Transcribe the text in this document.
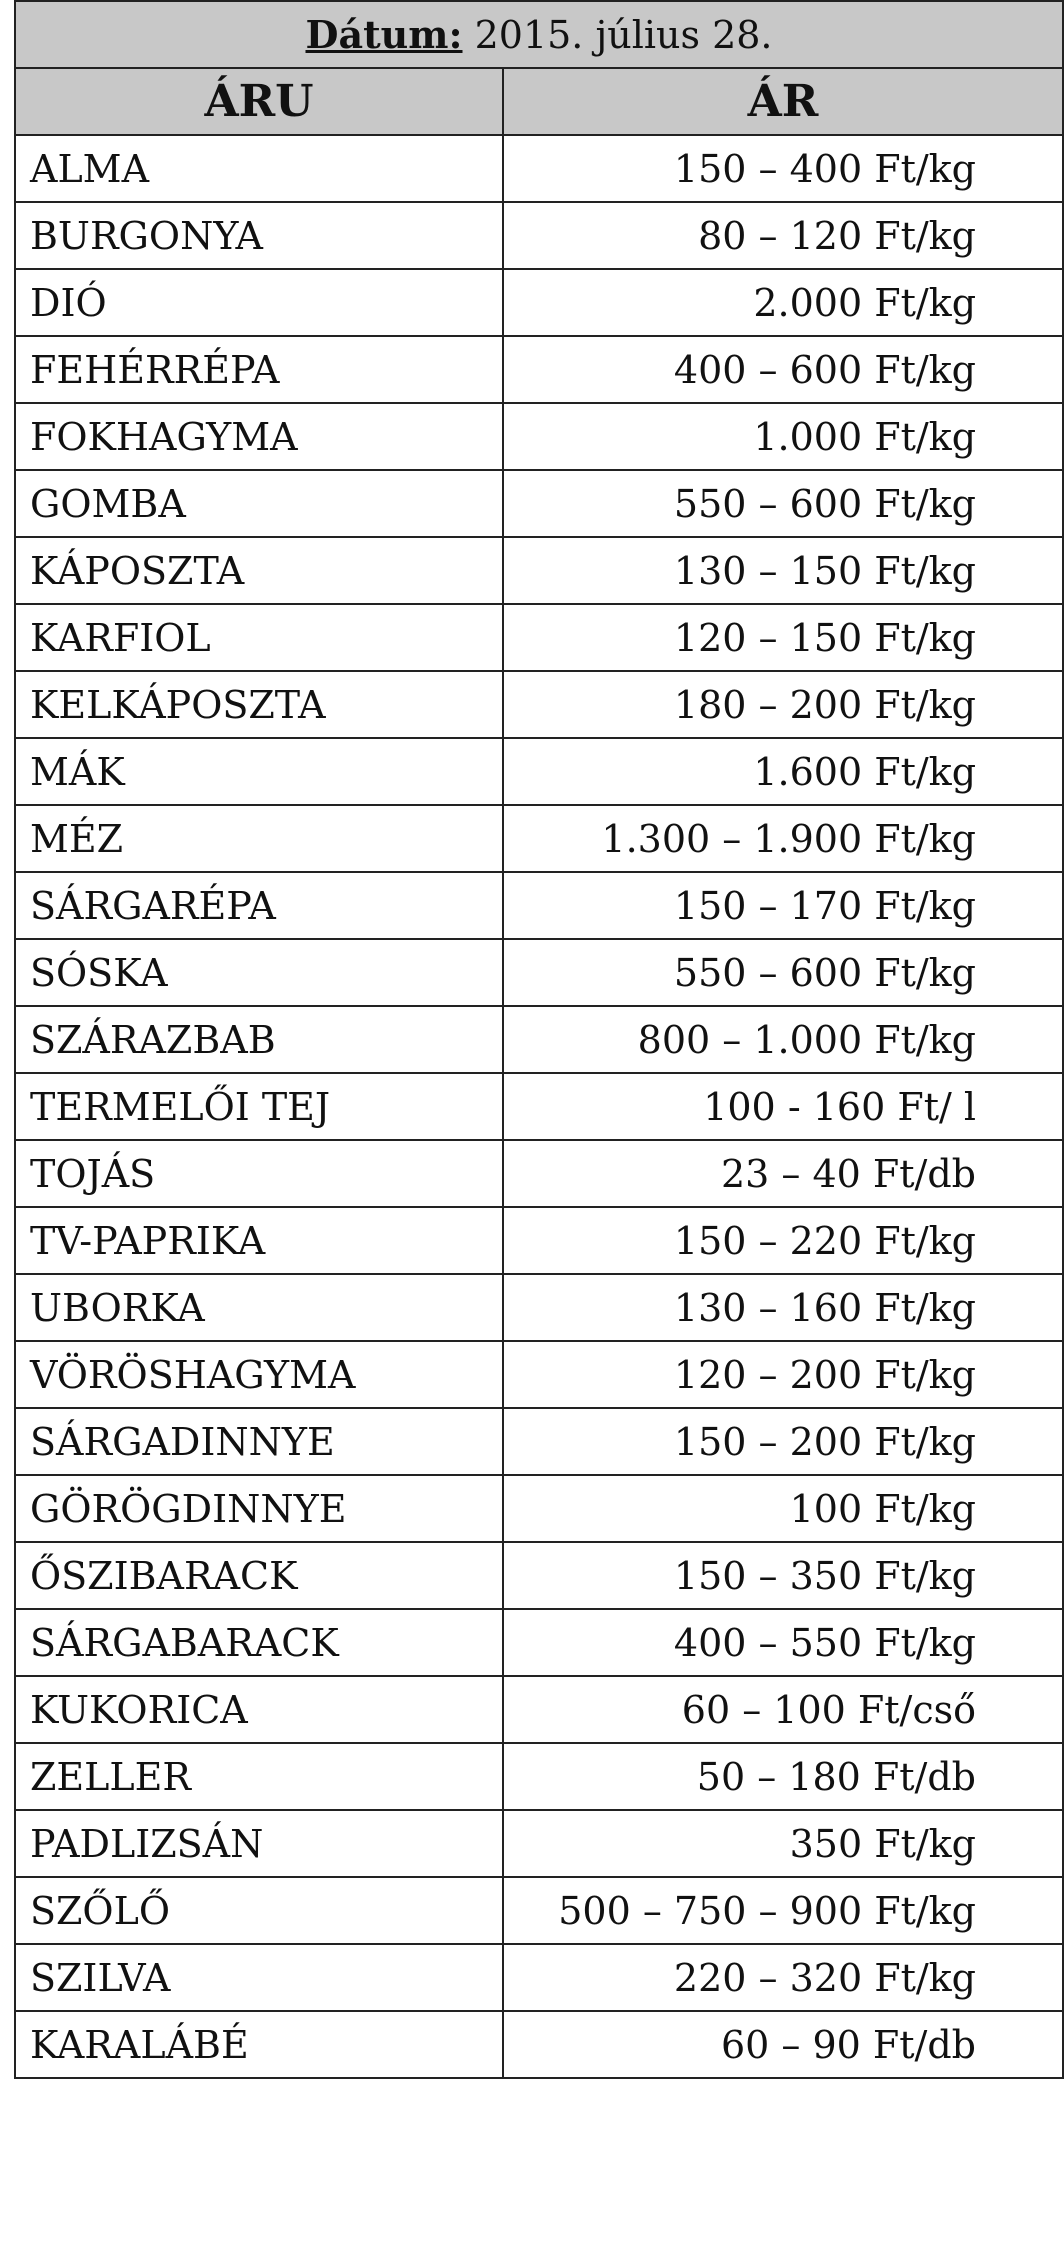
Dátum: 2015. július 28.	
ÁRU	ÁR
ALMA	150 – 400 Ft/kg
BURGONYA	80 – 120 Ft/kg
DIÓ	2.000 Ft/kg
FEHÉRRÉPA	400 – 600 Ft/kg
FOKHAGYMA	1.000 Ft/kg
GOMBA	550 – 600 Ft/kg
KÁPOSZTA	130 – 150 Ft/kg
KARFIOL	120 – 150 Ft/kg
KELKÁPOSZTA	180 – 200 Ft/kg
MÁK	1.600 Ft/kg
MÉZ	1.300 – 1.900 Ft/kg
SÁRGARÉPA	150 – 170 Ft/kg
SÓSKA	550 – 600 Ft/kg
SZÁRAZBAB	800 – 1.000 Ft/kg
TERMELŐI TEJ	100 - 160 Ft/ l
TOJÁS	23 – 40 Ft/db
TV-PAPRIKA	150 – 220 Ft/kg
UBORKA	130 – 160 Ft/kg
VÖRÖSHAGYMA	120 – 200 Ft/kg
SÁRGADINNYE	150 – 200 Ft/kg
GÖRÖGDINNYE	100 Ft/kg
ŐSZIBARACK	150 – 350 Ft/kg
SÁRGABARACK	400 – 550 Ft/kg
KUKORICA	60 – 100 Ft/cső
ZELLER	50 – 180 Ft/db
PADLIZSÁN	350 Ft/kg
SZŐLŐ	500 – 750 – 900 Ft/kg
SZILVA	220 – 320 Ft/kg
KARALÁBÉ	60 – 90 Ft/db
